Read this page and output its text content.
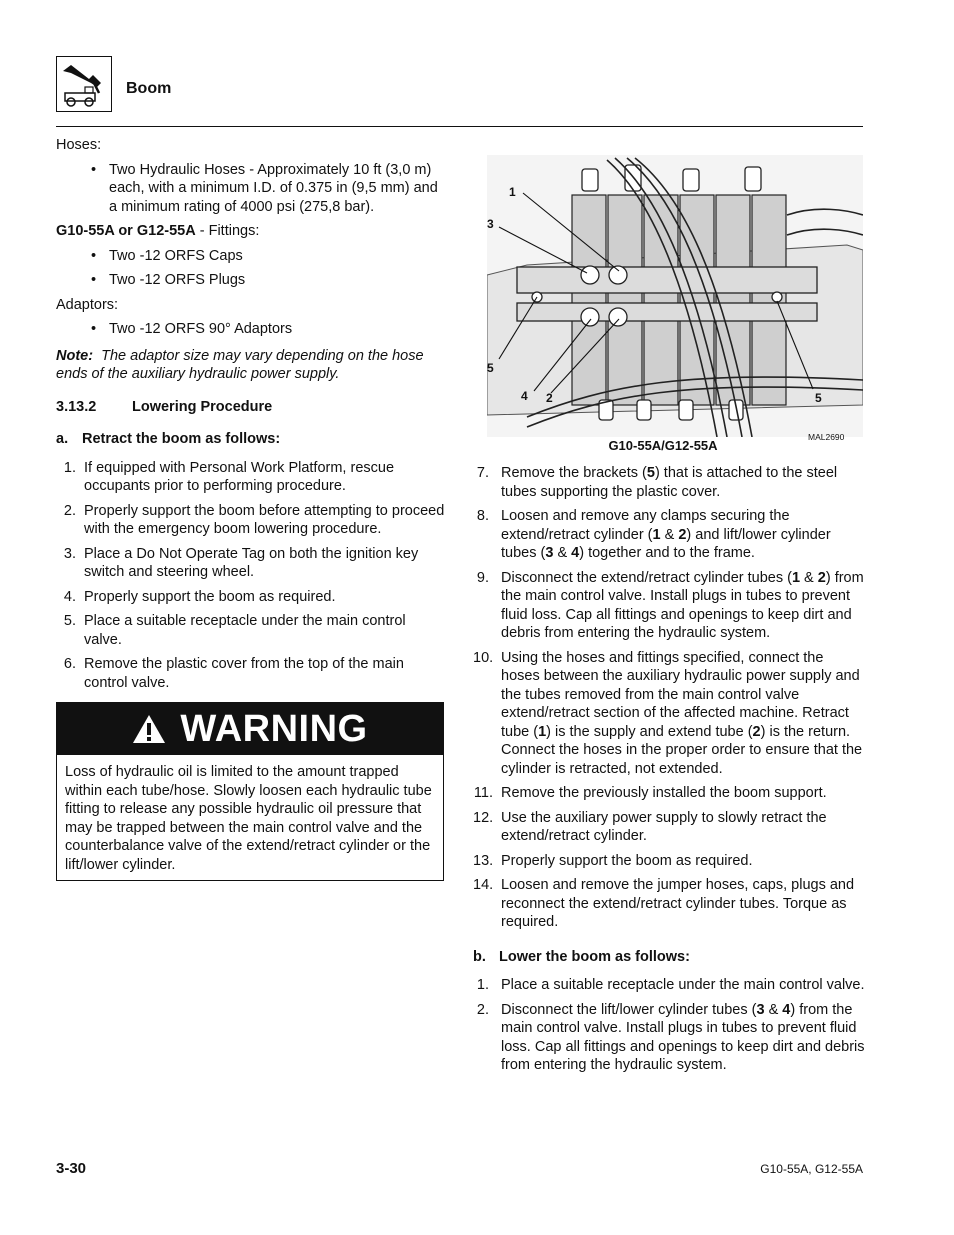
Boom

Hoses:

• Two Hydraulic Hoses - Approximately 10 ft (3,0 m) each, with a minimum I.D. of 0.375 in (9,5 mm) and a minimum rating of 4000 psi (275,8 bar).

G10-55A or G12-55A - Fittings:

• Two -12 ORFS Caps
• Two -12 ORFS Plugs

Adaptors:

• Two -12 ORFS 90° Adaptors

Note: The adaptor size may vary depending on the hose ends of the auxiliary hydraulic power supply.

3.13.2 Lowering Procedure

a. Retract the boom as follows:

1. If equipped with Personal Work Platform, rescue occupants prior to performing procedure.
2. Properly support the boom before attempting to proceed with the emergency boom lowering procedure.
3. Place a Do Not Operate Tag on both the ignition key switch and steering wheel.
4. Properly support the boom as required.
5. Place a suitable receptacle under the main control valve.
6. Remove the plastic cover from the top of the main control valve.
WARNING
Loss of hydraulic oil is limited to the amount trapped within each tube/hose. Slowly loosen each hydraulic tube fitting to release any possible hydraulic oil pressure that may be trapped between the main control valve and the counterbalance valve of the extend/retract cylinder or the lift/lower cylinder.
1
3
5
4 2	5
MAL2690
G10-55A/G12-55A
7. Remove the brackets (5) that is attached to the steel tubes supporting the plastic cover.
8. Loosen and remove any clamps securing the extend/retract cylinder (1 & 2) and lift/lower cylinder tubes (3 & 4) together and to the frame.
9. Disconnect the extend/retract cylinder tubes (1 & 2) from the main control valve. Install plugs in tubes to prevent fluid loss. Cap all fittings and openings to keep dirt and debris from entering the hydraulic system.
10. Using the hoses and fittings specified, connect the hoses between the auxiliary hydraulic power supply and the tubes removed from the main control valve extend/retract section of the affected machine. Retract tube (1) is the supply and extend tube (2) is the return. Connect the hoses in the proper order to ensure that the cylinder is retracted, not extended.
11. Remove the previously installed the boom support.
12. Use the auxiliary power supply to slowly retract the extend/retract cylinder.
13. Properly support the boom as required.
14. Loosen and remove the jumper hoses, caps, plugs and reconnect the extend/retract cylinder tubes. Torque as required.

b. Lower the boom as follows:

1. Place a suitable receptacle under the main control valve.
2. Disconnect the lift/lower cylinder tubes (3 & 4) from the main control valve. Install plugs in tubes to prevent fluid loss. Cap all fittings and openings to keep dirt and debris from entering the hydraulic system.
3-30	G10-55A, G12-55A
